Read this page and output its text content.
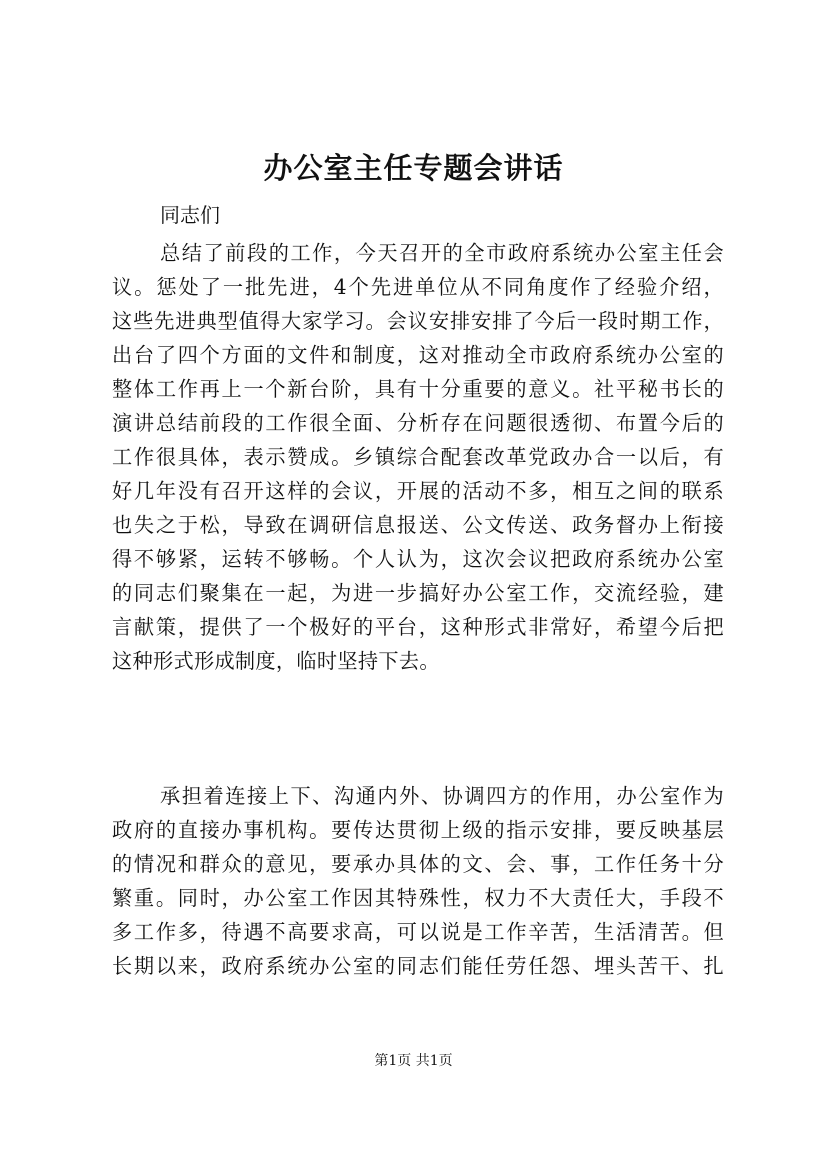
办公室主任专题会讲话
同志们
总结了前段的工作，今天召开的全市政府系统办公室主任会
议。惩处了一批先进，4个先进单位从不同角度作了经验介绍，
这些先进典型值得大家学习。会议安排安排了今后一段时期工作，
出台了四个方面的文件和制度，这对推动全市政府系统办公室的
整体工作再上一个新台阶，具有十分重要的意义。社平秘书长的
演讲总结前段的工作很全面、分析存在问题很透彻、布置今后的
工作很具体，表示赞成。乡镇综合配套改革党政办合一以后，有
好几年没有召开这样的会议，开展的活动不多，相互之间的联系
也失之于松，导致在调研信息报送、公文传送、政务督办上衔接
得不够紧，运转不够畅。个人认为，这次会议把政府系统办公室
的同志们聚集在一起，为进一步搞好办公室工作，交流经验，建
言献策，提供了一个极好的平台，这种形式非常好，希望今后把
这种形式形成制度，临时坚持下去。
承担着连接上下、沟通内外、协调四方的作用，办公室作为
政府的直接办事机构。要传达贯彻上级的指示安排，要反映基层
的情况和群众的意见，要承办具体的文、会、事，工作任务十分
繁重。同时，办公室工作因其特殊性，权力不大责任大，手段不
多工作多，待遇不高要求高，可以说是工作辛苦，生活清苦。但
长期以来，政府系统办公室的同志们能任劳任怨、埋头苦干、扎
第1页 共1页
